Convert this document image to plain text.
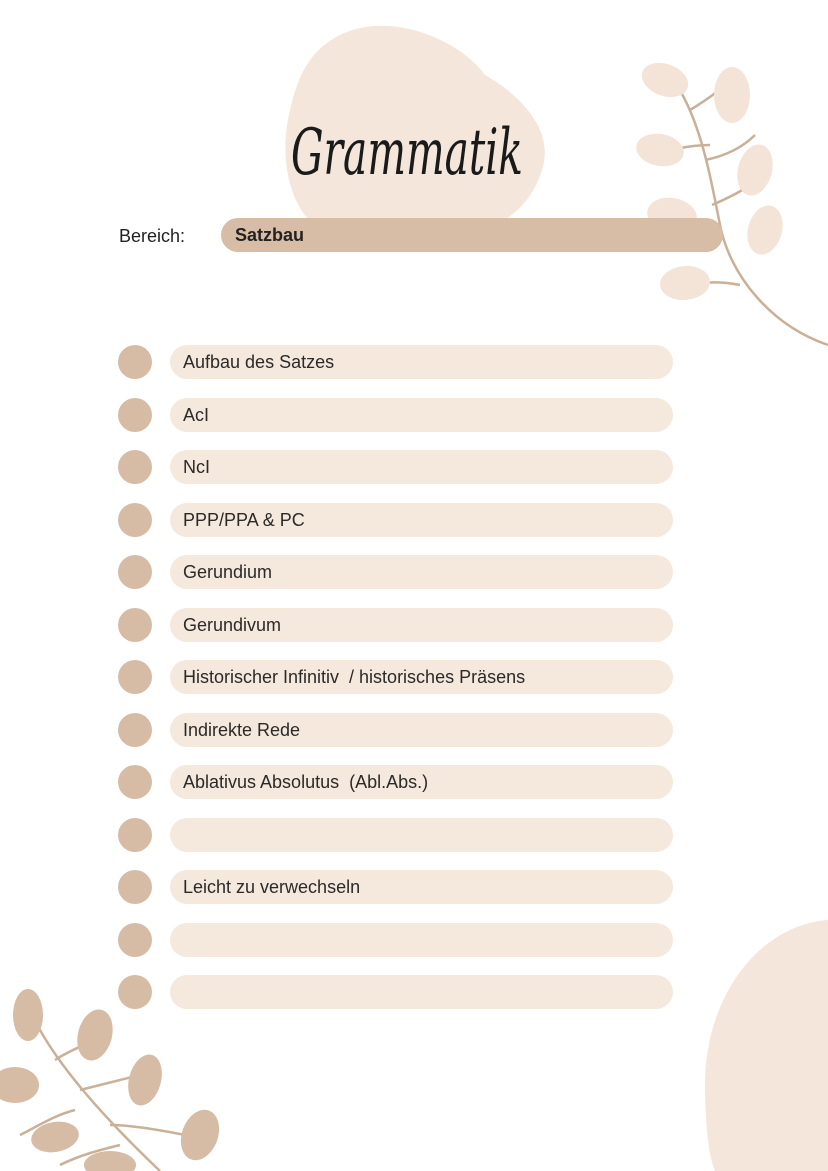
Grammatik
Bereich:	Satzbau
Aufbau des Satzes
AcI
NcI
PPP/PPA & PC
Gerundium
Gerundivum
Historischer Infinitiv  / historisches Präsens
Indirekte Rede
Ablativus Absolutus  (Abl.Abs.)
Leicht zu verwechseln
